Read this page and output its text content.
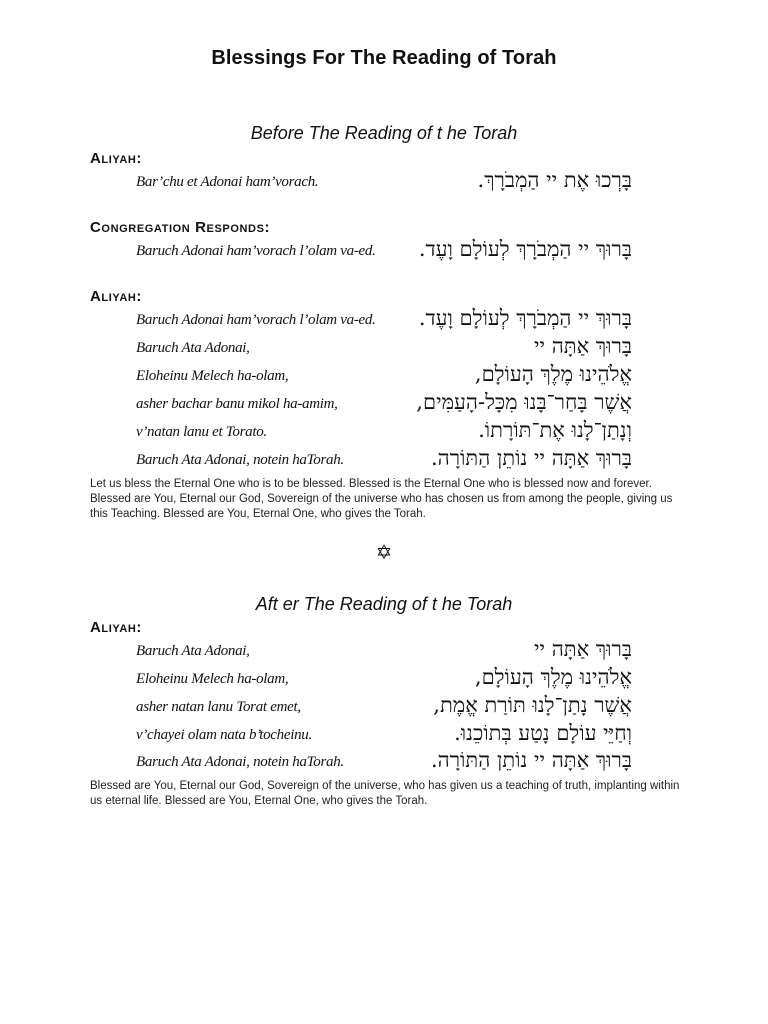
Blessings For The Reading of Torah
Before The Reading of t he Torah
Aliyah:
Bar’chu et Adonai ham’vorach.	בָּרְכוּ אֶת יי הַמְבֹרָךְ.
Congregation Responds:
Baruch Adonai ham’vorach l’olam va-ed. בָּרוּךְ יי הַמְבֹרָךְ לְעוֹלָם וָעֶד.
Aliyah:
Baruch Adonai ham’vorach l’olam va-ed. בָּרוּךְ יי הַמְבֹרָךְ לְעוֹלָם וָעֶד.
Baruch Ata Adonai,	בָּרוּךְ אַתָּה יי
Eloheinu Melech ha-olam,	אֱלֹהֵינוּ מֶלֶךְ הָעוֹלָם,
asher bachar banu mikol ha-amim,	אֲשֶׁר בָּחַר־בָּנוּ מִכָּל-הָעַמִּים,
v’natan lanu et Torato.	וְנָתַן־לָנוּ אֶת־תּוֹרָתוֹ.
Baruch Ata Adonai, notein haTorah.	בָּרוּךְ אַתָּה יי נוֹתֵן הַתּוֹרָה.
Let us bless the Eternal One who is to be blessed. Blessed is the Eternal One who is blessed now and forever. Blessed are You, Eternal our God, Sovereign of the universe who has chosen us from among the people, giving us this Teaching. Blessed are You, Eternal One, who gives the Torah.
✡
Aft er The Reading of t he Torah
Aliyah:
Baruch Ata Adonai,	בָּרוּךְ אַתָּה יי
Eloheinu Melech ha-olam,	אֱלֹהֵינוּ מֶלֶךְ הָעוֹלָם,
asher natan lanu Torat emet,	אֲשֶׁר נָתַן־לָנוּ תּוֹרַת אֱמֶת,
v’chayei olam nata b’tocheinu.	וְחַיֵּי עוֹלָם נָטַע בְּתוֹכֵנוּ.
Baruch Ata Adonai, notein haTorah.	בָּרוּךְ אַתָּה יי נוֹתֵן הַתּוֹרָה.
Blessed are You, Eternal our God, Sovereign of the universe, who has given us a teaching of truth, implanting within us eternal life. Blessed are You, Eternal One, who gives the Torah.
